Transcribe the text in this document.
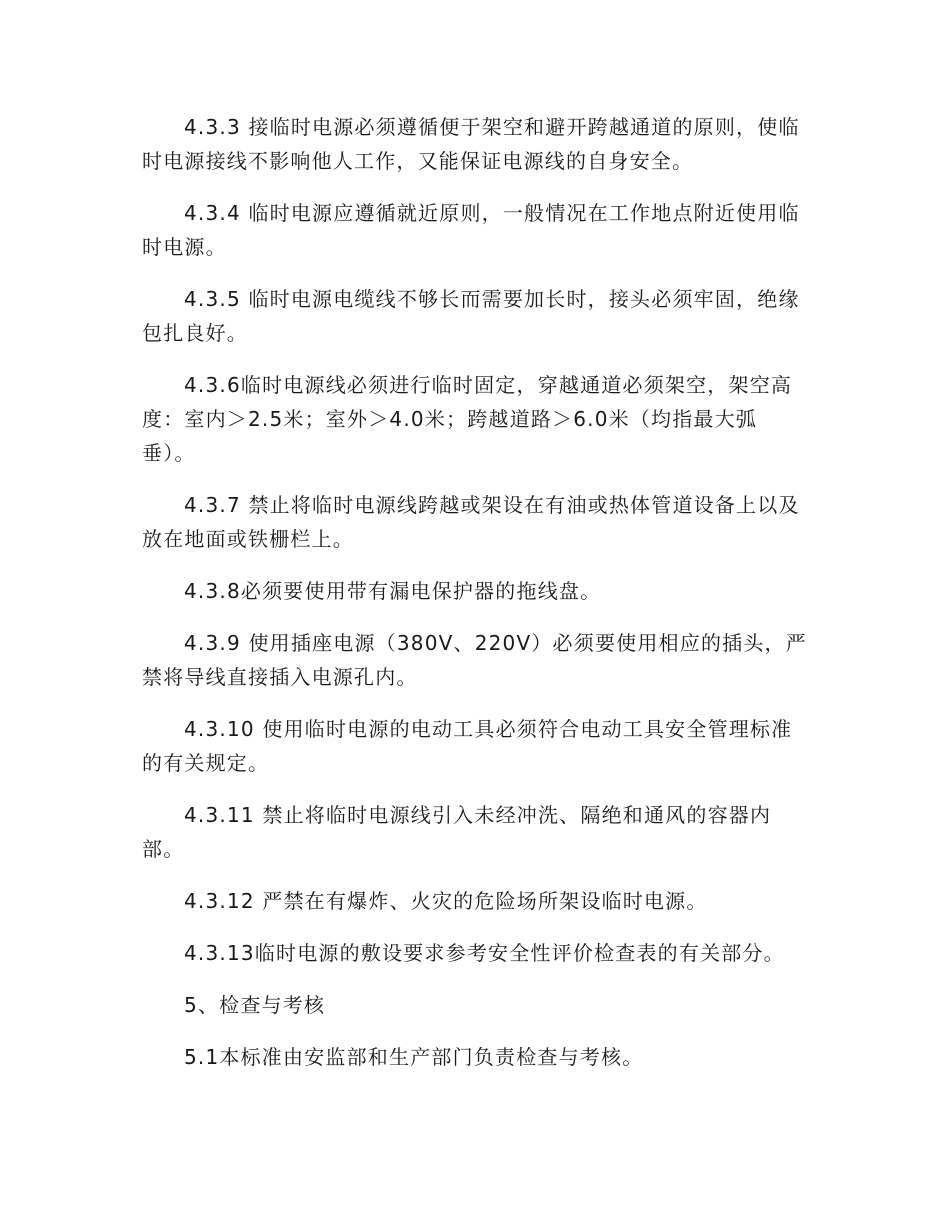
4.3.3 接临时电源必须遵循便于架空和避开跨越通道的原则，使临时电源接线不影响他人工作，又能保证电源线的自身安全。

4.3.4 临时电源应遵循就近原则，一般情况在工作地点附近使用临时电源。

4.3.5 临时电源电缆线不够长而需要加长时，接头必须牢固，绝缘包扎良好。

4.3.6临时电源线必须进行临时固定，穿越通道必须架空，架空高度：室内＞2.5米；室外＞4.0米；跨越道路＞6.0米（均指最大弧垂）。

4.3.7 禁止将临时电源线跨越或架设在有油或热体管道设备上以及放在地面或铁栅栏上。

4.3.8必须要使用带有漏电保护器的拖线盘。

4.3.9 使用插座电源（380V、220V）必须要使用相应的插头，严禁将导线直接插入电源孔内。

4.3.10 使用临时电源的电动工具必须符合电动工具安全管理标准的有关规定。

4.3.11 禁止将临时电源线引入未经冲洗、隔绝和通风的容器内部。

4.3.12 严禁在有爆炸、火灾的危险场所架设临时电源。

4.3.13临时电源的敷设要求参考安全性评价检查表的有关部分。

5、检查与考核

5.1本标准由安监部和生产部门负责检查与考核。
